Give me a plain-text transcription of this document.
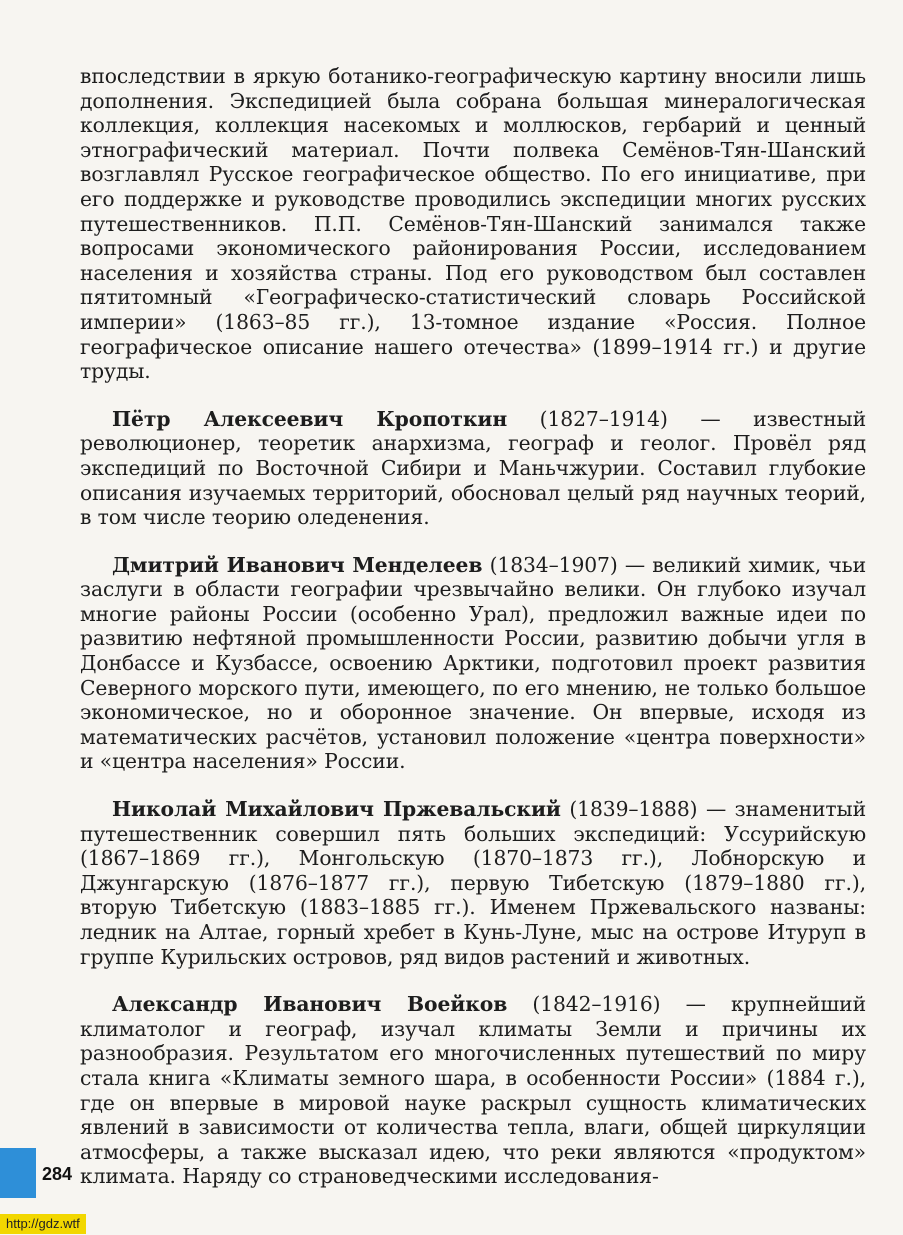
впоследствии в яркую ботанико-географическую картину вносили лишь дополнения. Экспедицией была собрана большая минералогическая коллекция, коллекция насекомых и моллюсков, гербарий и ценный этнографический материал. Почти полвека Семёнов-Тян-Шанский возглавлял Русское географическое общество. По его инициативе, при его поддержке и руководстве проводились экспедиции многих русских путешественников. П.П. Семёнов-Тян-Шанский занимался также вопросами экономического районирования России, исследованием населения и хозяйства страны. Под его руководством был составлен пятитомный «Географическо-статистический словарь Российской империи» (1863–85 гг.), 13-томное издание «Россия. Полное географическое описание нашего отечества» (1899–1914 гг.) и другие труды.

Пётр Алексеевич Кропоткин (1827–1914) — известный революционер, теоретик анархизма, географ и геолог. Провёл ряд экспедиций по Восточной Сибири и Маньчжурии. Составил глубокие описания изучаемых территорий, обосновал целый ряд научных теорий, в том числе теорию оледенения.

Дмитрий Иванович Менделеев (1834–1907) — великий химик, чьи заслуги в области географии чрезвычайно велики. Он глубоко изучал многие районы России (особенно Урал), предложил важные идеи по развитию нефтяной промышленности России, развитию добычи угля в Донбассе и Кузбассе, освоению Арктики, подготовил проект развития Северного морского пути, имеющего, по его мнению, не только большое экономическое, но и оборонное значение. Он впервые, исходя из математических расчётов, установил положение «центра поверхности» и «центра населения» России.

Николай Михайлович Пржевальский (1839–1888) — знаменитый путешественник совершил пять больших экспедиций: Уссурийскую (1867–1869 гг.), Монгольскую (1870–1873 гг.), Лобнорскую и Джунгарскую (1876–1877 гг.), первую Тибетскую (1879–1880 гг.), вторую Тибетскую (1883–1885 гг.). Именем Пржевальского названы: ледник на Алтае, горный хребет в Кунь-Луне, мыс на острове Итуруп в группе Курильских островов, ряд видов растений и животных.

Александр Иванович Воейков (1842–1916) — крупнейший климатолог и географ, изучал климаты Земли и причины их разнообразия. Результатом его многочисленных путешествий по миру стала книга «Климаты земного шара, в особенности России» (1884 г.), где он впервые в мировой науке раскрыл сущность климатических явлений в зависимости от количества тепла, влаги, общей циркуляции атмосферы, а также высказал идею, что реки являются «продуктом» климата. Наряду со страноведческими исследования-

284
http://gdz.wtf
